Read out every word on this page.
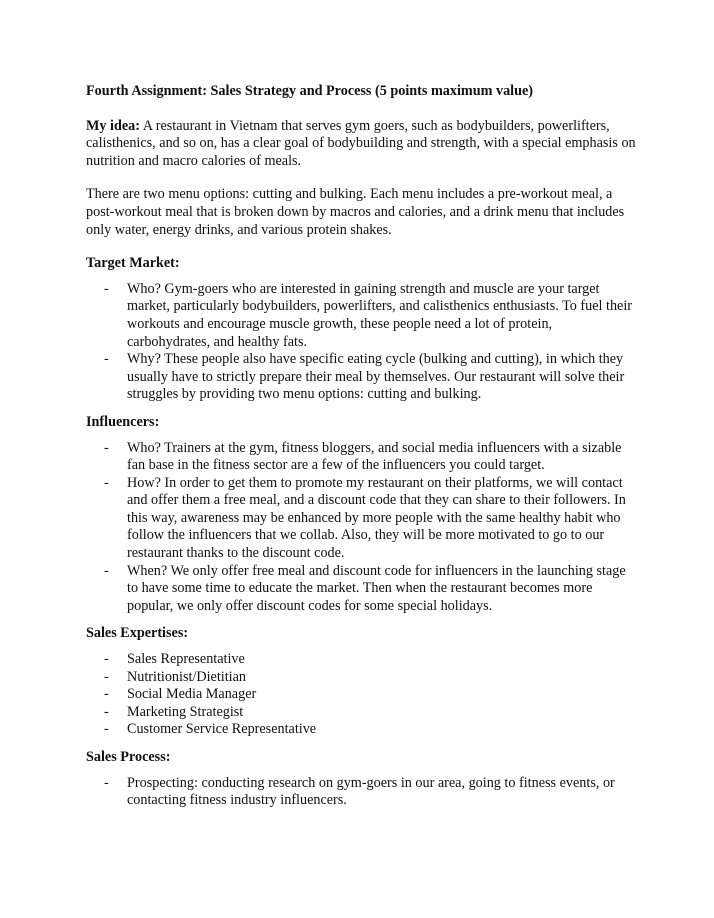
Fourth Assignment: Sales Strategy and Process (5 points maximum value)

My idea: A restaurant in Vietnam that serves gym goers, such as bodybuilders, powerlifters, calisthenics, and so on, has a clear goal of bodybuilding and strength, with a special emphasis on nutrition and macro calories of meals.

There are two menu options: cutting and bulking. Each menu includes a pre-workout meal, a post-workout meal that is broken down by macros and calories, and a drink menu that includes only water, energy drinks, and various protein shakes.

Target Market:
- Who? Gym-goers who are interested in gaining strength and muscle are your target market, particularly bodybuilders, powerlifters, and calisthenics enthusiasts. To fuel their workouts and encourage muscle growth, these people need a lot of protein, carbohydrates, and healthy fats.
- Why? These people also have specific eating cycle (bulking and cutting), in which they usually have to strictly prepare their meal by themselves. Our restaurant will solve their struggles by providing two menu options: cutting and bulking.
Influencers:
- Who? Trainers at the gym, fitness bloggers, and social media influencers with a sizable fan base in the fitness sector are a few of the influencers you could target.
- How? In order to get them to promote my restaurant on their platforms, we will contact and offer them a free meal, and a discount code that they can share to their followers. In this way, awareness may be enhanced by more people with the same healthy habit who follow the influencers that we collab. Also, they will be more motivated to go to our restaurant thanks to the discount code.
- When? We only offer free meal and discount code for influencers in the launching stage to have some time to educate the market. Then when the restaurant becomes more popular, we only offer discount codes for some special holidays.
Sales Expertises:
- Sales Representative
- Nutritionist/Dietitian
- Social Media Manager
- Marketing Strategist
- Customer Service Representative
Sales Process:
- Prospecting: conducting research on gym-goers in our area, going to fitness events, or contacting fitness industry influencers.
